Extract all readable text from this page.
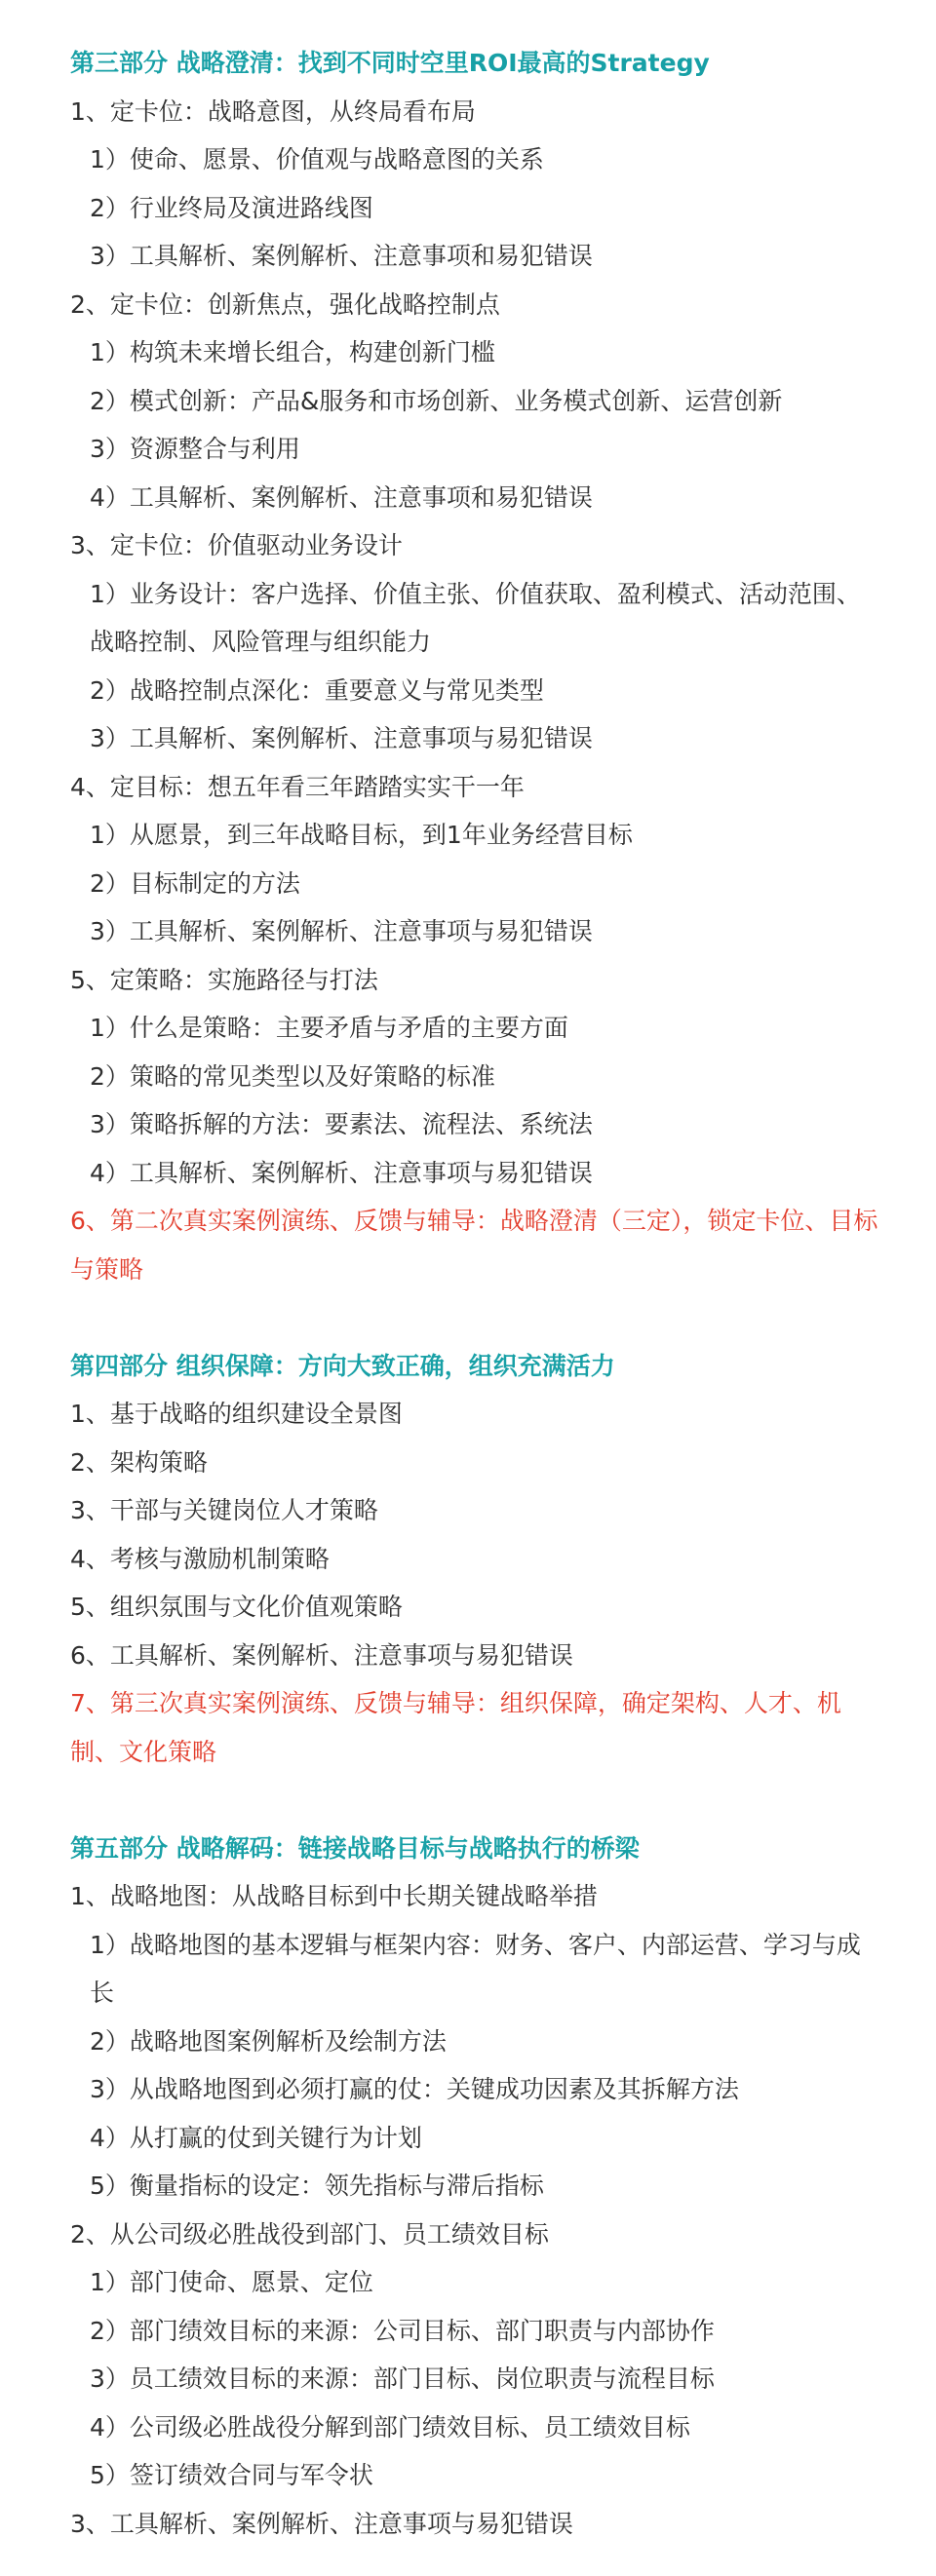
第三部分 战略澄清：找到不同时空里ROI最高的Strategy
1、定卡位：战略意图，从终局看布局
1）使命、愿景、价值观与战略意图的关系
2）行业终局及演进路线图
3）工具解析、案例解析、注意事项和易犯错误
2、定卡位：创新焦点，强化战略控制点
1）构筑未来增长组合，构建创新门槛
2）模式创新：产品&服务和市场创新、业务模式创新、运营创新
3）资源整合与利用
4）工具解析、案例解析、注意事项和易犯错误
3、定卡位：价值驱动业务设计
1）业务设计：客户选择、价值主张、价值获取、盈利模式、活动范围、战略控制、风险管理与组织能力
2）战略控制点深化：重要意义与常见类型
3）工具解析、案例解析、注意事项与易犯错误
4、定目标：想五年看三年踏踏实实干一年
1）从愿景，到三年战略目标，到1年业务经营目标
2）目标制定的方法
3）工具解析、案例解析、注意事项与易犯错误
5、定策略：实施路径与打法
1）什么是策略：主要矛盾与矛盾的主要方面
2）策略的常见类型以及好策略的标准
3）策略拆解的方法：要素法、流程法、系统法
4）工具解析、案例解析、注意事项与易犯错误
6、第二次真实案例演练、反馈与辅导：战略澄清（三定），锁定卡位、目标与策略
第四部分 组织保障：方向大致正确，组织充满活力
1、基于战略的组织建设全景图
2、架构策略
3、干部与关键岗位人才策略
4、考核与激励机制策略
5、组织氛围与文化价值观策略
6、工具解析、案例解析、注意事项与易犯错误
7、第三次真实案例演练、反馈与辅导：组织保障，确定架构、人才、机制、文化策略
第五部分 战略解码：链接战略目标与战略执行的桥梁
1、战略地图：从战略目标到中长期关键战略举措
1）战略地图的基本逻辑与框架内容：财务、客户、内部运营、学习与成长
2）战略地图案例解析及绘制方法
3）从战略地图到必须打赢的仗：关键成功因素及其拆解方法
4）从打赢的仗到关键行为计划
5）衡量指标的设定：领先指标与滞后指标
2、从公司级必胜战役到部门、员工绩效目标
1）部门使命、愿景、定位
2）部门绩效目标的来源：公司目标、部门职责与内部协作
3）员工绩效目标的来源：部门目标、岗位职责与流程目标
4）公司级必胜战役分解到部门绩效目标、员工绩效目标
5）签订绩效合同与军令状
3、工具解析、案例解析、注意事项与易犯错误
